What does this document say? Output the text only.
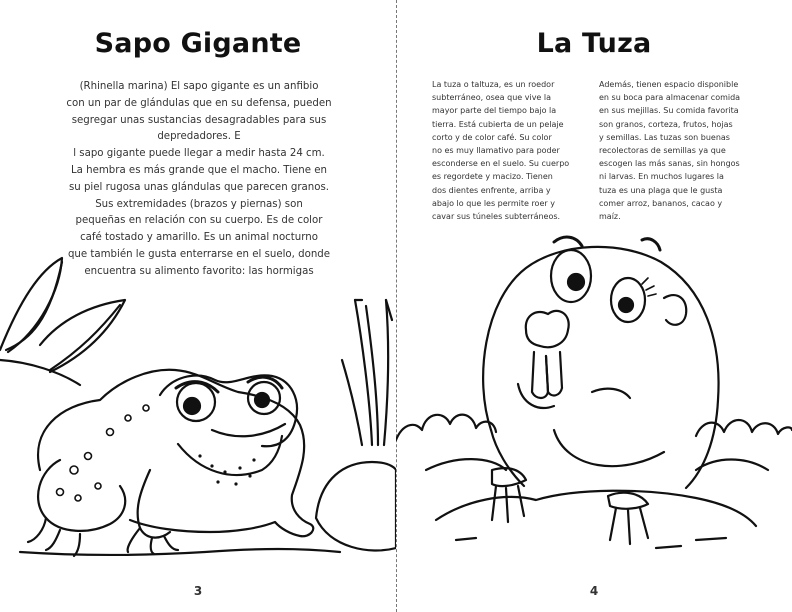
Sapo Gigante

(Rhinella marina) El sapo gigante es un anfibio

con un par de glándulas que en su defensa, pueden

segregar unas sustancias desagradables para sus

depredadores. E

l sapo gigante puede llegar a medir hasta 24 cm.

La hembra es más grande que el macho. Tiene en

su piel rugosa unas glándulas que parecen granos.

Sus extremidades (brazos y piernas) son

pequeñas en relación con su cuerpo. Es de color

café tostado y amarillo. Es un animal nocturno

que también le gusta enterrarse en el suelo, donde

encuentra su alimento favorito: las hormigas

3
La Tuza

La tuza o taltuza, es un roedor

subterráneo, osea que vive la

mayor parte del tiempo bajo la

tierra. Está cubierta de un pelaje

corto y de color café. Su color

no es muy llamativo para poder

esconderse en el suelo. Su cuerpo

es regordete y macizo. Tienen

dos dientes enfrente, arriba y

abajo lo que les permite roer y

cavar sus túneles subterráneos.

Además, tienen espacio disponible

en su boca para almacenar comida

en sus mejillas. Su comida favorita

son granos, corteza, frutos, hojas

y semillas. Las tuzas son buenas

recolectoras de semillas ya que

escogen las más sanas, sin hongos

ni larvas. En muchos lugares la

tuza es una plaga que le gusta

comer arroz, bananos, cacao y

maíz.

4
